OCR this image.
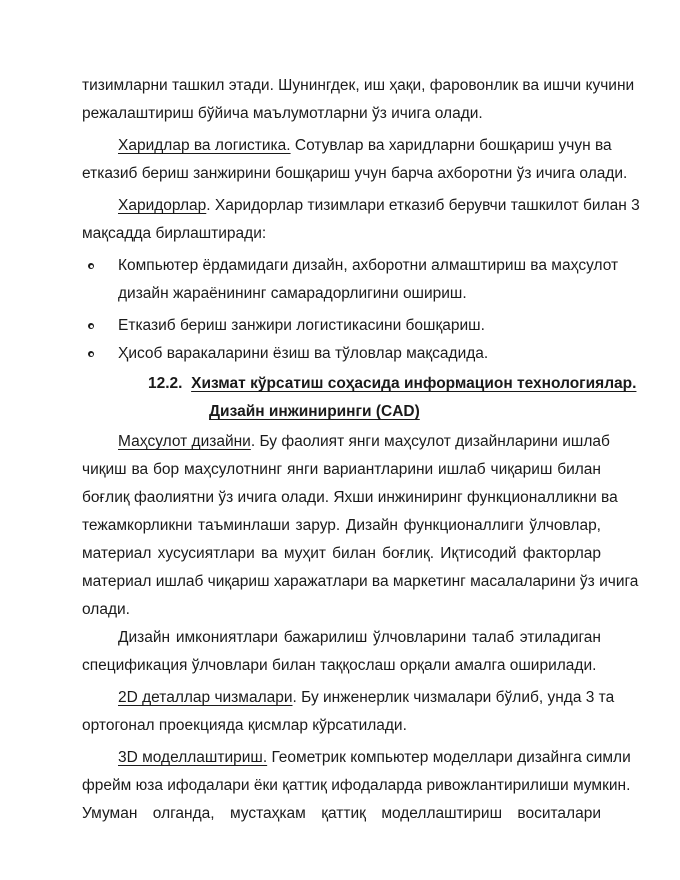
тизимларни ташкил этади. Шунингдек, иш ҳақи, фаровонлик ва ишчи кучини
режалаштириш бўйича маълумотларни ўз ичига олади.
Харидлар ва логистика. Сотувлар ва харидларни бошқариш учун ва
етказиб бериш занжирини бошқариш учун барча ахборотни ўз ичига олади.
Харидорлар. Харидорлар тизимлари етказиб берувчи ташкилот билан 3
мақсадда бирлаштиради:
Компьютер ёрдамидаги дизайн, ахборотни алмаштириш ва маҳсулот
дизайн жараёнининг самарадорлигини ошириш.
Етказиб бериш занжири логистикасини бошқариш.
Ҳисоб варакаларини ёзиш ва тўловлар мақсадида.
12.2. Хизмат кўрсатиш соҳасида информацион технологиялар.
Дизайн инжиниринги (CAD)
Маҳсулот дизайни. Бу фаолият янги маҳсулот дизайнларини ишлаб
чиқиш ва бор маҳсулотнинг янги вариантларини ишлаб чиқариш билан
боғлиқ фаолиятни ўз ичига олади. Яхши инжиниринг функционалликни ва
тежамкорликни таъминлаши зарур. Дизайн функционаллиги ўлчовлар,
материал хусусиятлари ва муҳит билан боғлиқ. Иқтисодий факторлар
материал ишлаб чиқариш харажатлари ва маркетинг масалаларини ўз ичига
олади.
Дизайн имкониятлари бажарилиш ўлчовларини талаб этиладиган
спецификация ўлчовлари билан таққослаш орқали амалга оширилади.
2D деталлар чизмалари. Бу инженерлик чизмалари бўлиб, унда 3 та
ортогонал проекцияда қисмлар кўрсатилади.
3D моделлаштириш. Геометрик компьютер моделлари дизайнга симли
фрейм юза ифодалари ёки қаттиқ ифодаларда ривожлантирилиши мумкин.
Умуман олганда, мустаҳкам қаттиқ моделлаштириш воситалари
